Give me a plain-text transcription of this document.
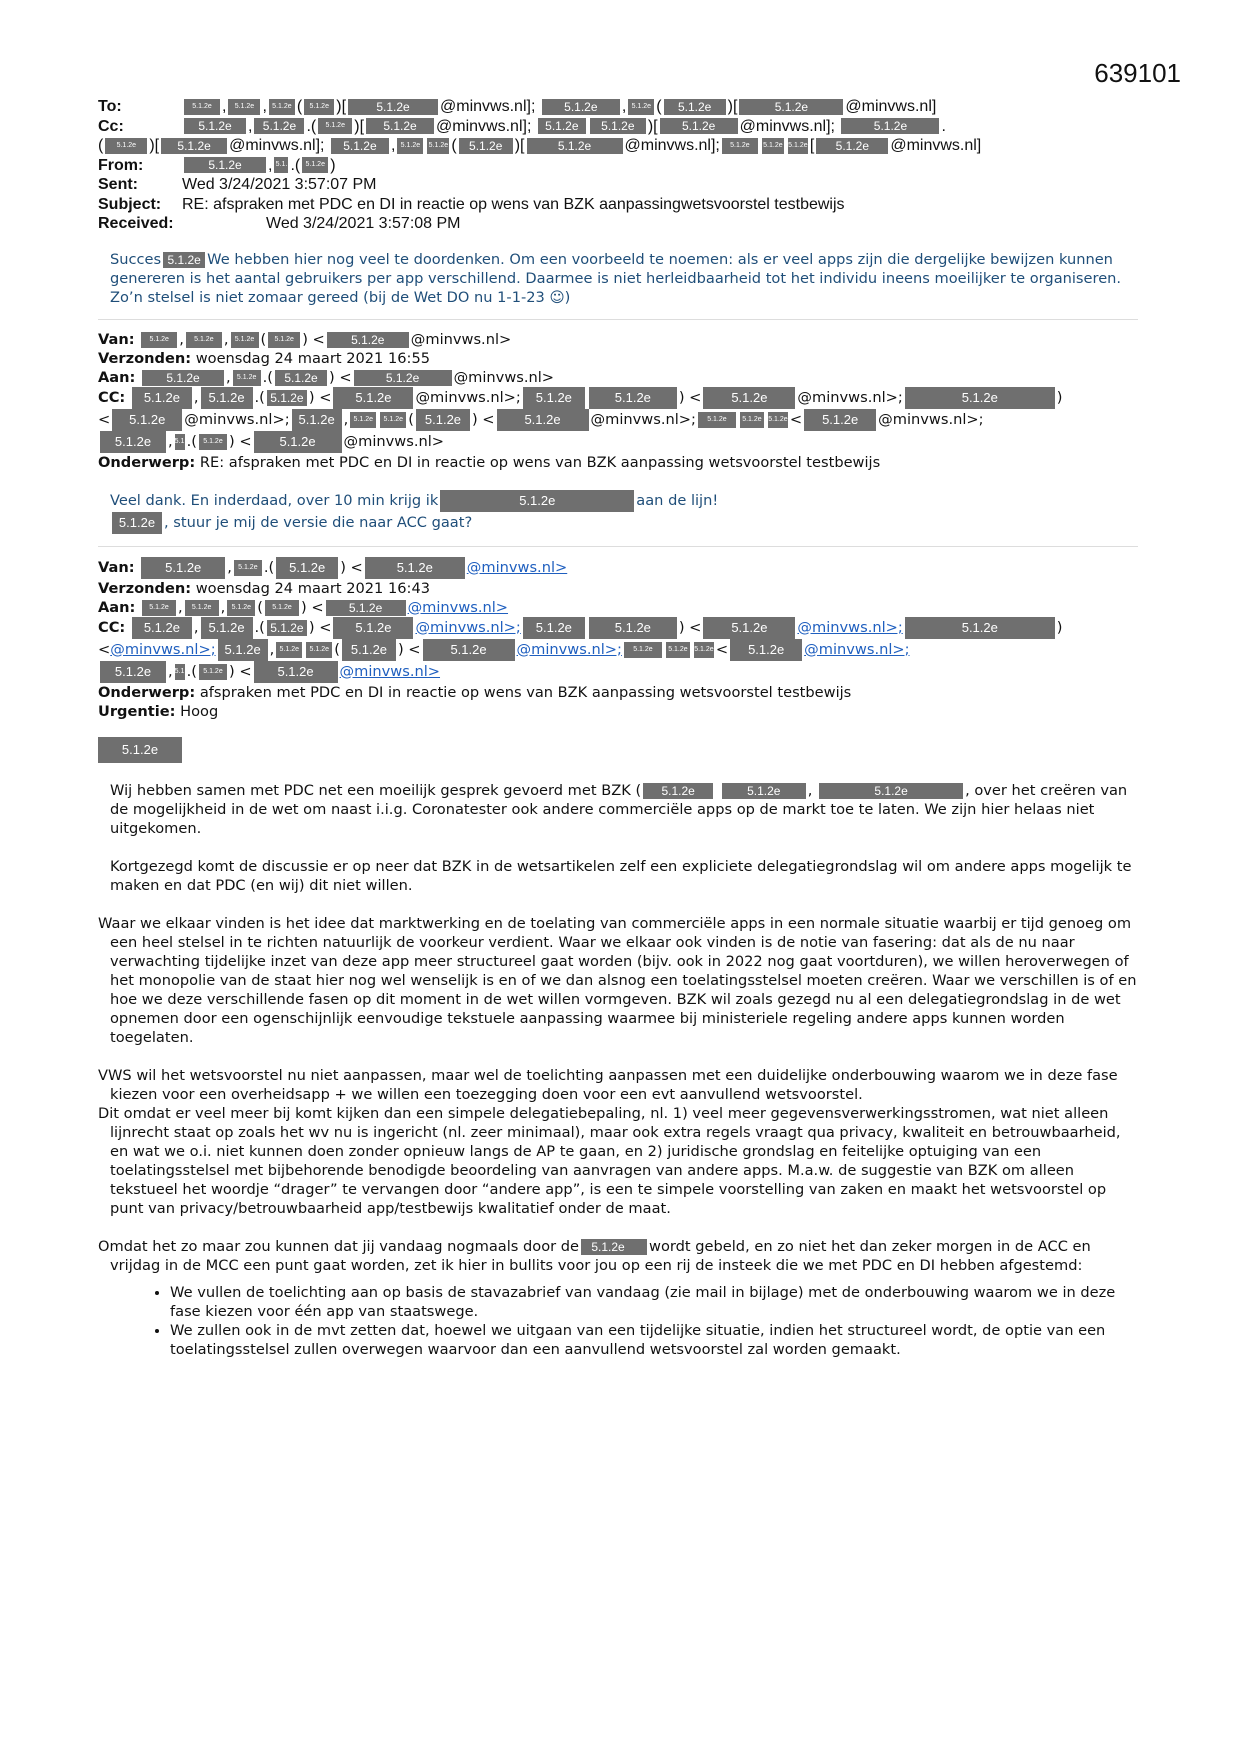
639101
To:	5.1.2e , 5.1.2e , 5.1.2e ( 5.1.2e )[	5.1.2e @minvws.nl]; 5.1.2e , 5.1.2e ( 5.1.2e )[	5.1.2e @minvws.nl]
Cc:	5.1.2e , 5.1.2e .( 5.1.2e )[ 5.1.2e @minvws.nl]; 5.1.2e 5.1.2e )[ 5.1.2e @minvws.nl];	5.1.2e .
( 5.1.2e )[ 5.1.2e @minvws.nl]; 5.1.2e , 5.1.2e 5.1.2e ( 5.1.2e )[	5.1.2e @minvws.nl]; 5.1.2e 5.1.2e 5.1.2e [ 5.1.2e @minvws.nl]
From:	5.1.2e , 5.1. .( 5.1.2e )
Sent:	Wed 3/24/2021 3:57:07 PM
Subject:	RE: afspraken met PDC en DI in reactie op wens van BZK aanpassingwetsvoorstel testbewijs
Received:	Wed 3/24/2021 3:57:08 PM
Succes 5.1.2e We hebben hier nog veel te doordenken. Om een voorbeeld te noemen: als er veel apps zijn die dergelijke bewijzen kunnen genereren is het aantal gebruikers per app verschillend. Daarmee is niet herleidbaarheid tot het individu ineens moeilijker te organiseren. Zo’n stelsel is niet zomaar gereed (bij de Wet DO nu 1-1-23 ☺)
Van: 5.1.2e , 5.1.2e , 5.1.2e ( 5.1.2e ) < 5.1.2e @minvws.nl>
Verzonden: woensdag 24 maart 2021 16:55
Aan:	5.1.2e , 5.1.2e .( 5.1.2e ) <	5.1.2e @minvws.nl>
CC: 5.1.2e , 5.1.2e .( 5.1.2e ) < 5.1.2e @minvws.nl>; 5.1.2e	5.1.2e ) < 5.1.2e @minvws.nl>;	5.1.2e	)
< 5.1.2e @minvws.nl>; 5.1.2e , 5.1.2e 5.1.2e ( 5.1.2e ) < 5.1.2e @minvws.nl>; 5.1.2e 5.1.2e 5.1.2e < 5.1.2e @minvws.nl>;
5.1.2e , 5.1..( 5.1.2e ) < 5.1.2e @minvws.nl>
Onderwerp: RE: afspraken met PDC en DI in reactie op wens van BZK aanpassing wetsvoorstel testbewijs
Veel dank. En inderdaad, over 10 min krijg ik	5.1.2e	aan de lijn!
5.1.2e , stuur je mij de versie die naar ACC gaat?
Van: 5.1.2e , 5.1.2e .( 5.1.2e ) <	5.1.2e @minvws.nl>
Verzonden: woensdag 24 maart 2021 16:43
Aan: 5.1.2e , 5.1.2e , 5.1.2e ( 5.1.2e ) < 5.1.2e @minvws.nl>
CC: 5.1.2e , 5.1.2e .( 5.1.2e ) < 5.1.2e @minvws.nl>; 5.1.2e	5.1.2e ) < 5.1.2e @minvws.nl>;	5.1.2e	)
<@minvws.nl>; 5.1.2e , 5.1.2e 5.1.2e ( 5.1.2e ) < 5.1.2e @minvws.nl>; 5.1.2e 5.1.2e 5.1.2e < 5.1.2e @minvws.nl>;
5.1.2e , 5.1..( 5.1.2e ) < 5.1.2e @minvws.nl>
Onderwerp: afspraken met PDC en DI in reactie op wens van BZK aanpassing wetsvoorstel testbewijs
Urgentie: Hoog
5.1.2e

Wij hebben samen met PDC net een moeilijk gesprek gevoerd met BZK ( 5.1.2e	5.1.2e ,	5.1.2e	, over het creëren van de mogelijkheid in de wet om naast i.i.g. Coronatester ook andere commerciële apps op de markt toe te laten. We zijn hier helaas niet uitgekomen.

Kortgezegd komt de discussie er op neer dat BZK in de wetsartikelen zelf een expliciete delegatiegrondslag wil om andere apps mogelijk te maken en dat PDC (en wij) dit niet willen.

Waar we elkaar vinden is het idee dat marktwerking en de toelating van commerciële apps in een normale situatie waarbij er tijd genoeg om een heel stelsel in te richten natuurlijk de voorkeur verdient. Waar we elkaar ook vinden is de notie van fasering: dat als de nu naar verwachting tijdelijke inzet van deze app meer structureel gaat worden (bijv. ook in 2022 nog gaat voortduren), we willen heroverwegen of het monopolie van de staat hier nog wel wenselijk is en of we dan alsnog een toelatingsstelsel moeten creëren. Waar we verschillen is of en hoe we deze verschillende fasen op dit moment in de wet willen vormgeven. BZK wil zoals gezegd nu al een delegatiegrondslag in de wet opnemen door een ogenschijnlijk eenvoudige tekstuele aanpassing waarmee bij ministeriele regeling andere apps kunnen worden toegelaten.

VWS wil het wetsvoorstel nu niet aanpassen, maar wel de toelichting aanpassen met een duidelijke onderbouwing waarom we in deze fase kiezen voor een overheidsapp + we willen een toezegging doen voor een evt aanvullend wetsvoorstel.

Dit omdat er veel meer bij komt kijken dan een simpele delegatiebepaling, nl. 1) veel meer gegevensverwerkingsstromen, wat niet alleen lijnrecht staat op zoals het wv nu is ingericht (nl. zeer minimaal), maar ook extra regels vraagt qua privacy, kwaliteit en betrouwbaarheid, en wat we o.i. niet kunnen doen zonder opnieuw langs de AP te gaan, en 2) juridische grondslag en feitelijke optuiging van een toelatingsstelsel met bijbehorende benodigde beoordeling van aanvragen van andere apps. M.a.w. de suggestie van BZK om alleen tekstueel het woordje “drager” te vervangen door “andere app”, is een te simpele voorstelling van zaken en maakt het wetsvoorstel op punt van privacy/betrouwbaarheid app/testbewijs kwalitatief onder de maat.

Omdat het zo maar zou kunnen dat jij vandaag nogmaals door de 5.1.2e wordt gebeld, en zo niet het dan zeker morgen in de ACC en vrijdag in de MCC een punt gaat worden, zet ik hier in bullits voor jou op een rij de insteek die we met PDC en DI hebben afgestemd:

• We vullen de toelichting aan op basis de stavazabrief van vandaag (zie mail in bijlage) met de onderbouwing waarom we in deze fase kiezen voor één app van staatswege.
• We zullen ook in de mvt zetten dat, hoewel we uitgaan van een tijdelijke situatie, indien het structureel wordt, de optie van een toelatingsstelsel zullen overwegen waarvoor dan een aanvullend wetsvoorstel zal worden gemaakt.
